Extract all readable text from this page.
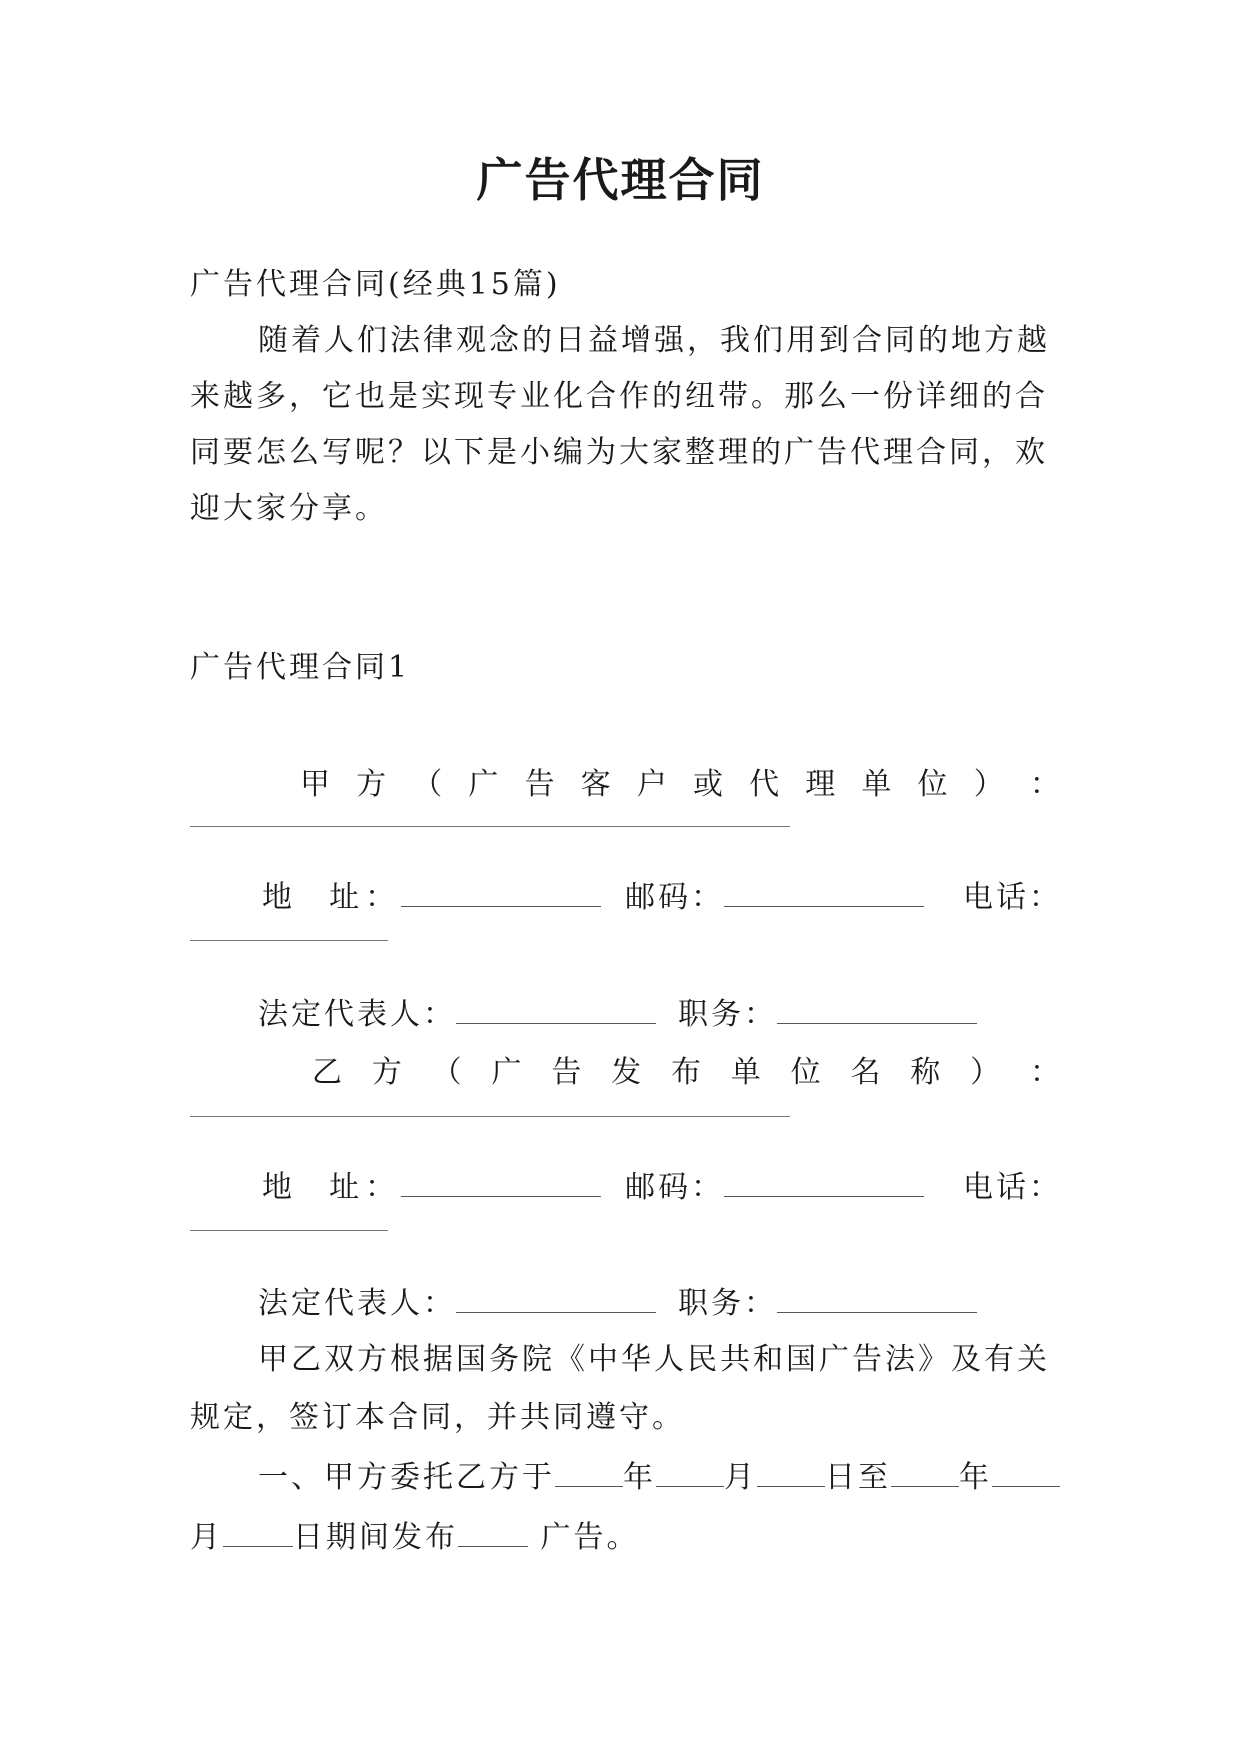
广告代理合同
广告代理合同(经典15篇)
随着人们法律观念的日益增强，我们用到合同的地方越
来越多，它也是实现专业化合作的纽带。那么一份详细的合
同要怎么写呢？以下是小编为大家整理的广告代理合同，欢
迎大家分享。
广告代理合同1
甲 方 （ 广 告 客 户 或 代 理 单 位 ） ：
地  址：	邮码：	电话：
法定代表人：	职务：
乙 方 （ 广 告 发 布 单 位 名 称 ） ：
地  址：	邮码：	电话：
法定代表人：	职务：
甲乙双方根据国务院《中华人民共和国广告法》及有关
规定，签订本合同，并共同遵守。
一、甲方委托乙方于 年 月 日至 年
月 日期间发布 广告。
